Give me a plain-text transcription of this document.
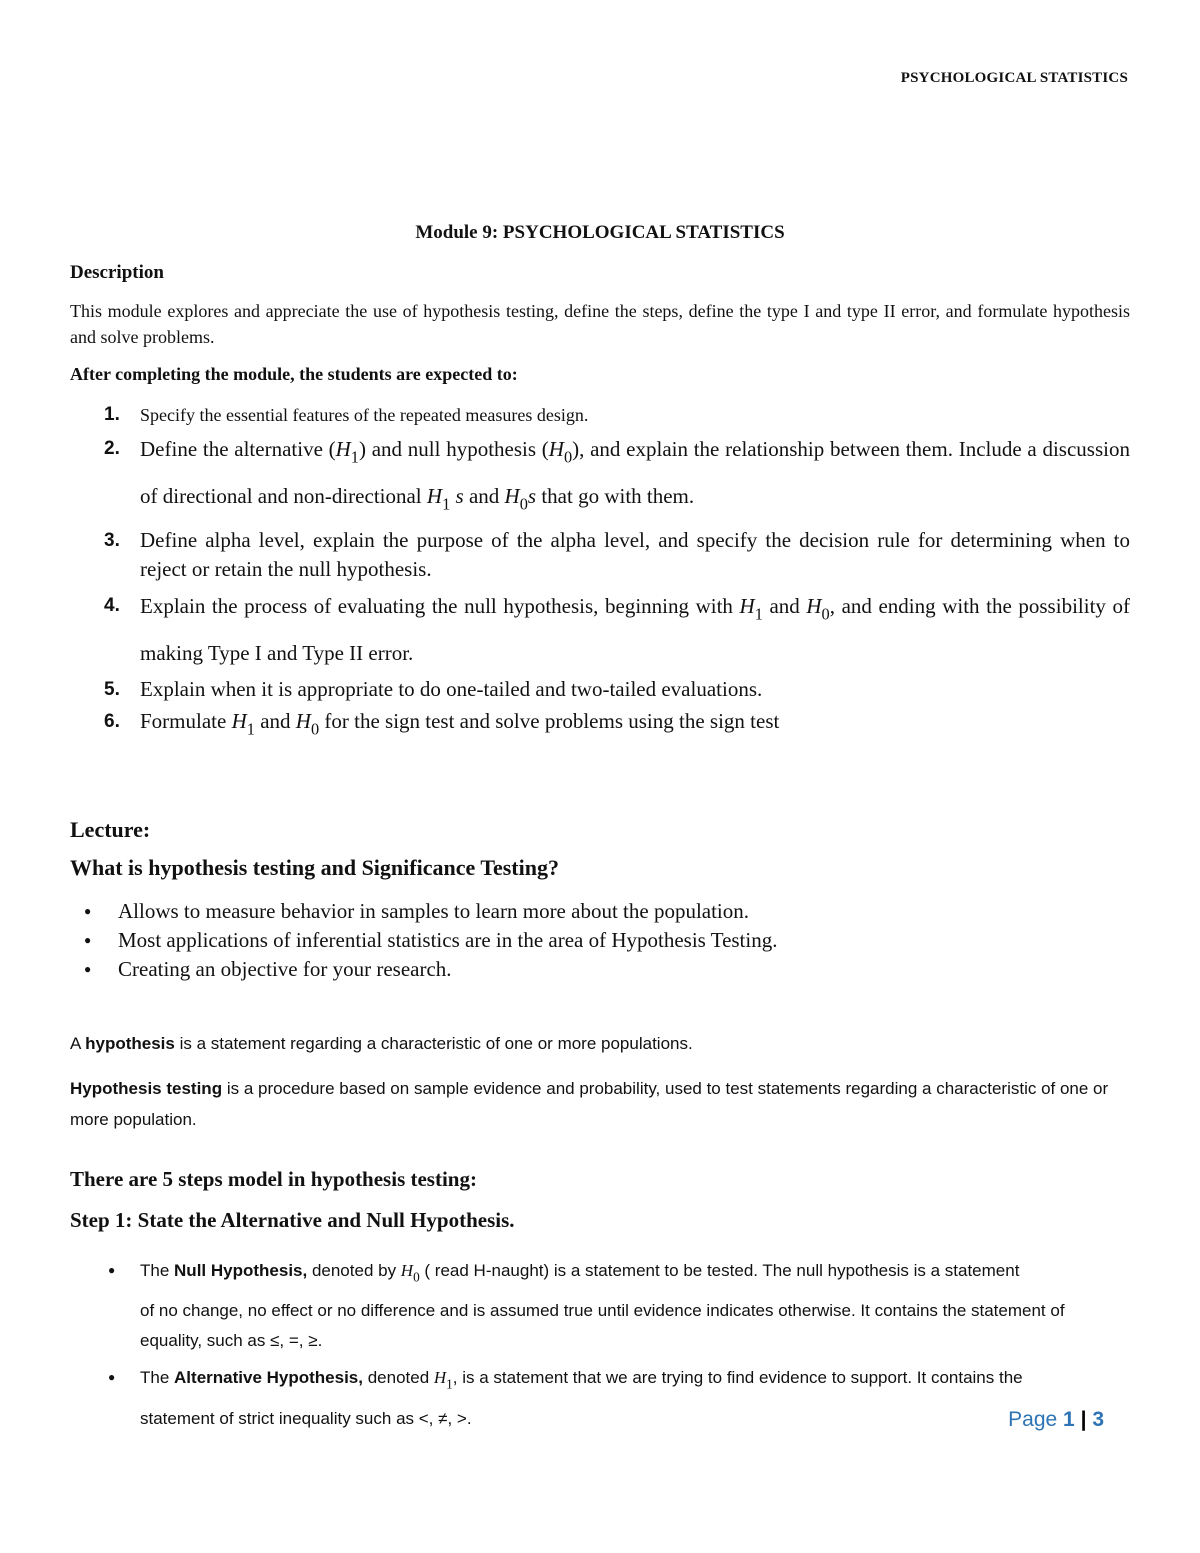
PSYCHOLOGICAL STATISTICS
Module 9: PSYCHOLOGICAL STATISTICS
Description

This module explores and appreciate the use of hypothesis testing, define the steps, define the type I and type II error, and formulate hypothesis and solve problems.

After completing the module, the students are expected to:
1. Specify the essential features of the repeated measures design.
2. Define the alternative $(H_1)$ and null hypothesis $(H_0)$, and explain the relationship between them. Include a discussion of directional and non-directional $H_1$ s and $H_0s$ that go with them.
3. Define alpha level, explain the purpose of the alpha level, and specify the decision rule for determining when to reject or retain the null hypothesis.
4. Explain the process of evaluating the null hypothesis, beginning with $H_1$ and $H_0$, and ending with the possibility of making Type I and Type II error.
5. Explain when it is appropriate to do one-tailed and two-tailed evaluations.
6. Formulate $H_1$ and $H_0$ for the sign test and solve problems using the sign test
Lecture:
What is hypothesis testing and Significance Testing?
● Allows to measure behavior in samples to learn more about the population.
● Most applications of inferential statistics are in the area of Hypothesis Testing.
● Creating an objective for your research.

A hypothesis is a statement regarding a characteristic of one or more populations.

Hypothesis testing is a procedure based on sample evidence and probability, used to test statements regarding a characteristic of one or more population.

There are 5 steps model in hypothesis testing:
Step 1: State the Alternative and Null Hypothesis.
● The Null Hypothesis, denoted by $H_0$ ( read H-naught) is a statement to be tested. The null hypothesis is a statement
of no change, no effect or no difference and is assumed true until evidence indicates otherwise. It contains the statement of equality, such as ≤, =, ≥.
● The Alternative Hypothesis, denoted $H_1$, is a statement that we are trying to find evidence to support. It contains the
statement of strict inequality such as <, ≠, >.	Page 1 | 3
